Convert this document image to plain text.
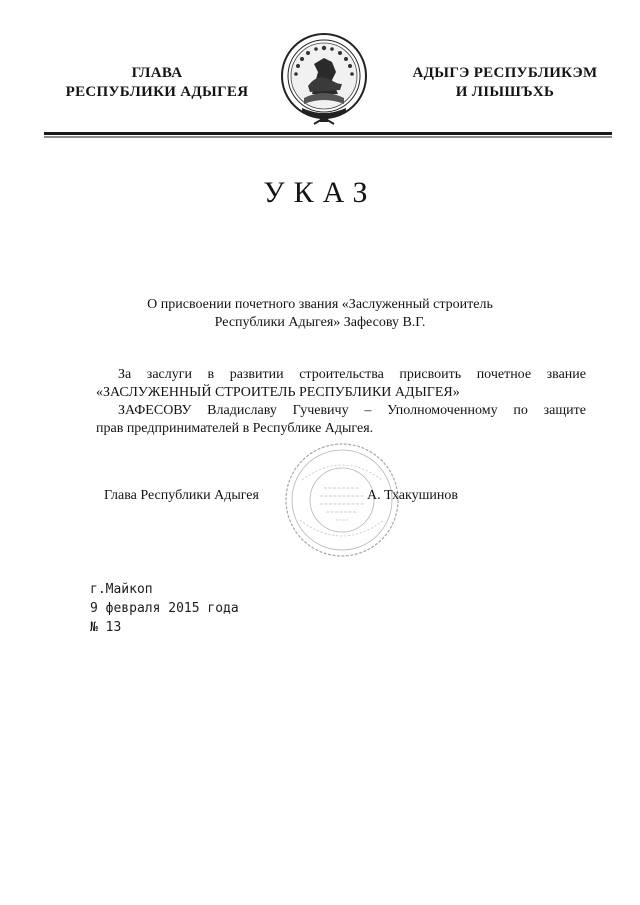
ГЛАВА
РЕСПУБЛИКИ АДЫГЕЯ
АДЫГЭ РЕСПУБЛИКЭМ
И ЛІЫШЪХЬ
УКАЗ
О присвоении почетного звания «Заслуженный строитель
Республики Адыгея» Зафесову В.Г.
За заслуги в развитии строительства присвоить почетное звание
«ЗАСЛУЖЕННЫЙ СТРОИТЕЛЬ РЕСПУБЛИКИ АДЫГЕЯ»
ЗАФЕСОВУ Владиславу Гучевичу – Уполномоченному по защите
прав предпринимателей в Республике Адыгея.
Глава Республики Адыгея	А. Тхакушинов
г.Майкоп
9 февраля 2015 года
№ 13
